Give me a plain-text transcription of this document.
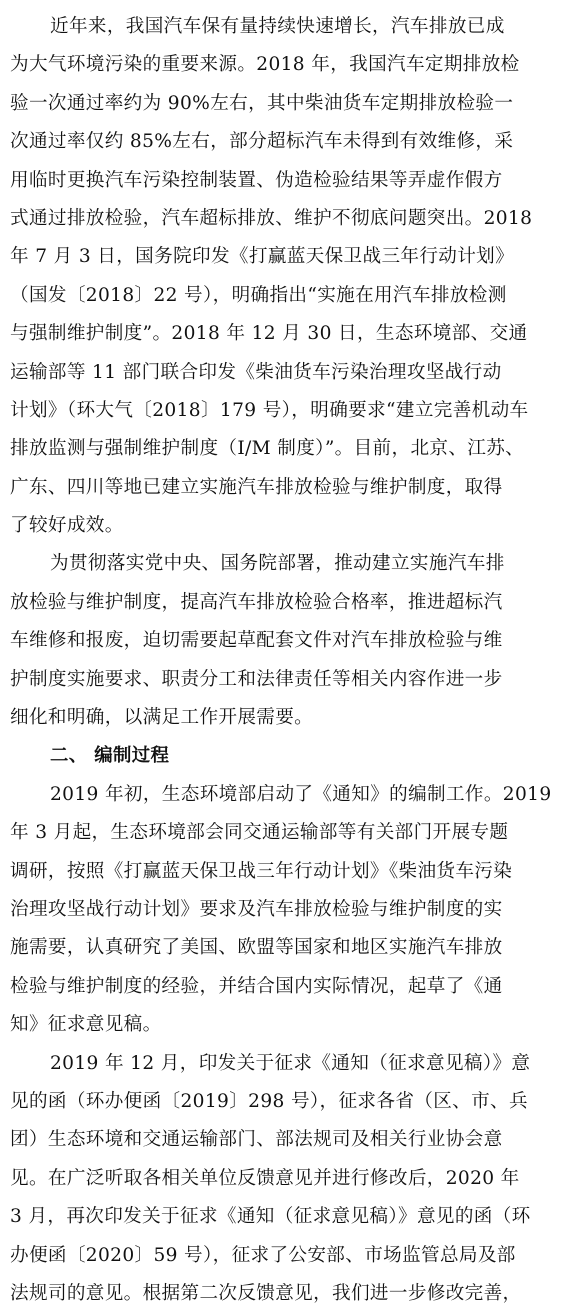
近年来，我国汽车保有量持续快速增长，汽车排放已成
为大气环境污染的重要来源。2018 年，我国汽车定期排放检
验一次通过率约为 90%左右，其中柴油货车定期排放检验一
次通过率仅约 85%左右，部分超标汽车未得到有效维修，采
用临时更换汽车污染控制装置、伪造检验结果等弄虚作假方
式通过排放检验，汽车超标排放、维护不彻底问题突出。2018
年 7 月 3 日，国务院印发《打赢蓝天保卫战三年行动计划》
（国发〔2018〕22 号），明确指出“实施在用汽车排放检测
与强制维护制度”。2018 年 12 月 30 日，生态环境部、交通
运输部等 11 部门联合印发《柴油货车污染治理攻坚战行动
计划》（环大气〔2018〕179 号），明确要求“建立完善机动车
排放监测与强制维护制度（I/M 制度）”。目前，北京、江苏、
广东、四川等地已建立实施汽车排放检验与维护制度，取得
了较好成效。
为贯彻落实党中央、国务院部署，推动建立实施汽车排
放检验与维护制度，提高汽车排放检验合格率，推进超标汽
车维修和报废，迫切需要起草配套文件对汽车排放检验与维
护制度实施要求、职责分工和法律责任等相关内容作进一步
细化和明确，以满足工作开展需要。
二、 编制过程
2019 年初，生态环境部启动了《通知》的编制工作。2019
年 3 月起，生态环境部会同交通运输部等有关部门开展专题
调研，按照《打赢蓝天保卫战三年行动计划》《柴油货车污染
治理攻坚战行动计划》要求及汽车排放检验与维护制度的实
施需要，认真研究了美国、欧盟等国家和地区实施汽车排放
检验与维护制度的经验，并结合国内实际情况，起草了《通
知》征求意见稿。
2019 年 12 月，印发关于征求《通知（征求意见稿）》意
见的函（环办便函〔2019〕298 号），征求各省（区、市、兵
团）生态环境和交通运输部门、部法规司及相关行业协会意
见。在广泛听取各相关单位反馈意见并进行修改后，2020 年
3 月，再次印发关于征求《通知（征求意见稿）》意见的函（环
办便函〔2020〕59 号），征求了公安部、市场监管总局及部
法规司的意见。根据第二次反馈意见，我们进一步修改完善，
